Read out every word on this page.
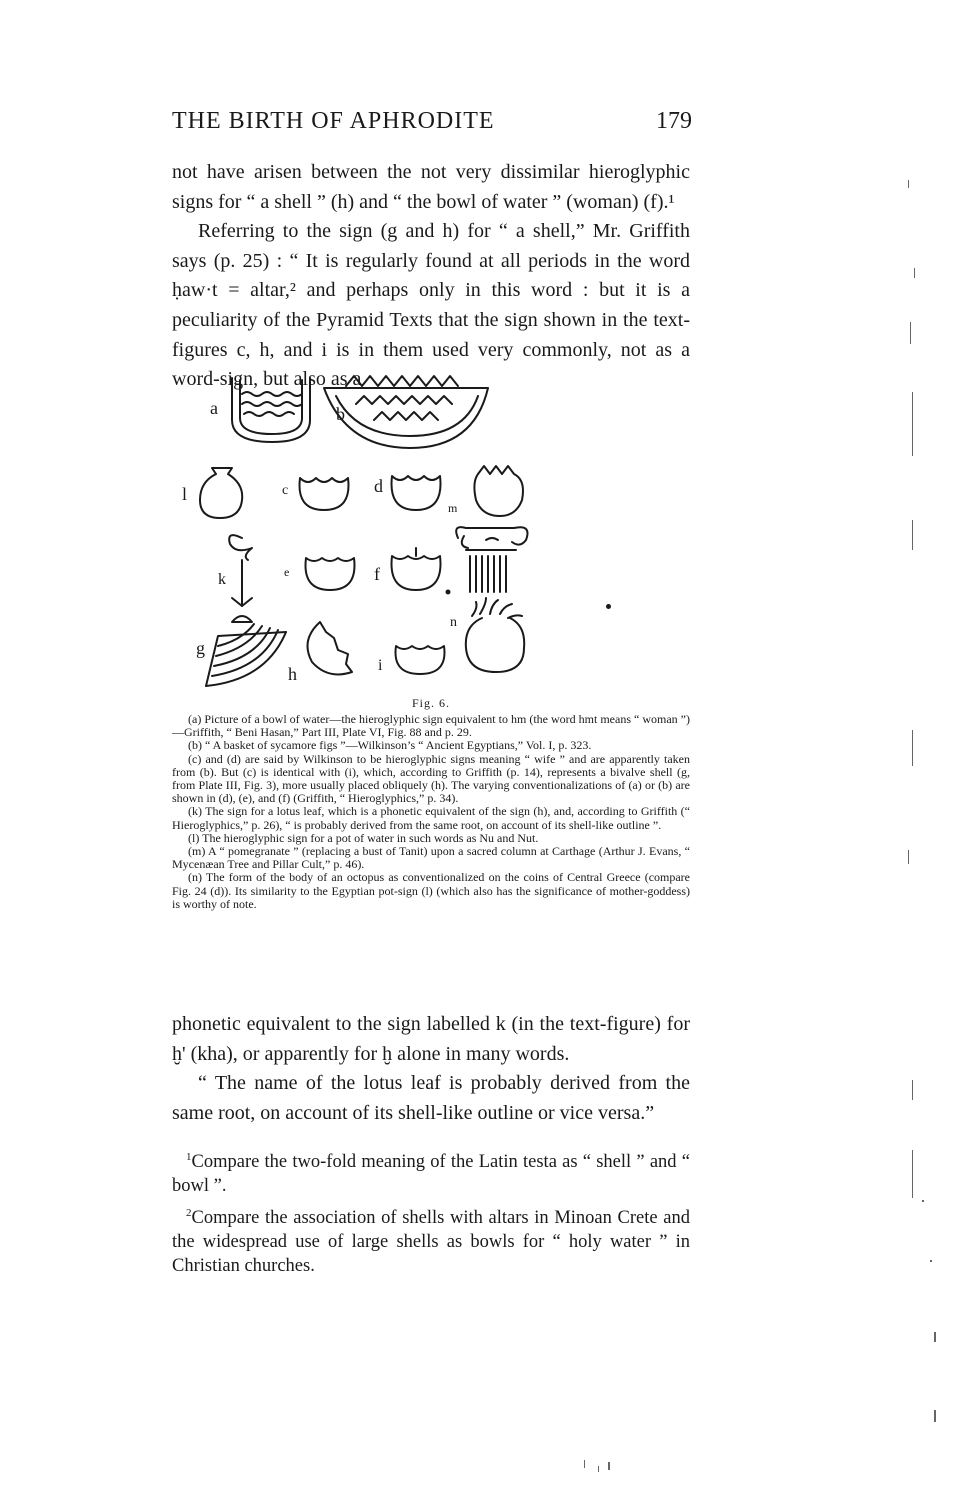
THE BIRTH OF APHRODITE	179

not have arisen between the not very dissimilar hieroglyphic signs for “ a shell ” (h) and “ the bowl of water ” (woman) (f).¹

Referring to the sign (g and h) for “ a shell,” Mr. Griffith says (p. 25) : “ It is regularly found at all periods in the word ḥaw·t = altar,² and perhaps only in this word : but it is a peculiarity of the Pyramid Texts that the sign shown in the text-figures c, h, and i is in them used very commonly, not as a word-sign, but also as a

a	b
l	c	d
m
k	e	f
n
g
h	i
Fig. 6.

(a) Picture of a bowl of water—the hieroglyphic sign equivalent to hm (the word hmt means “ woman ”)—Griffith, “ Beni Hasan,” Part III, Plate VI, Fig. 88 and p. 29.

(b) “ A basket of sycamore figs ”—Wilkinson’s “ Ancient Egyptians,” Vol. I, p. 323.

(c) and (d) are said by Wilkinson to be hieroglyphic signs meaning “ wife ” and are apparently taken from (b). But (c) is identical with (i), which, according to Griffith (p. 14), represents a bivalve shell (g, from Plate III, Fig. 3), more usually placed obliquely (h). The varying conventionalizations of (a) or (b) are shown in (d), (e), and (f) (Griffith, “ Hieroglyphics,” p. 34).

(k) The sign for a lotus leaf, which is a phonetic equivalent of the sign (h), and, according to Griffith (“ Hieroglyphics,” p. 26), “ is probably derived from the same root, on account of its shell-like outline ”.

(l) The hieroglyphic sign for a pot of water in such words as Nu and Nut.

(m) A “ pomegranate ” (replacing a bust of Tanit) upon a sacred column at Carthage (Arthur J. Evans, “ Mycenæan Tree and Pillar Cult,” p. 46).

(n) The form of the body of an octopus as conventionalized on the coins of Central Greece (compare Fig. 24 (d)). Its similarity to the Egyptian pot-sign (l) (which also has the significance of mother-goddess) is worthy of note.

phonetic equivalent to the sign labelled k (in the text-figure) for ḫ' (kha), or apparently for ḫ alone in many words.

“ The name of the lotus leaf is probably derived from the same root, on account of its shell-like outline or vice versa.”

$^1$Compare the two-fold meaning of the Latin testa as “ shell ” and “ bowl ”.

$^2$Compare the association of shells with altars in Minoan Crete and the widespread use of large shells as bowls for “ holy water ” in Christian churches.
